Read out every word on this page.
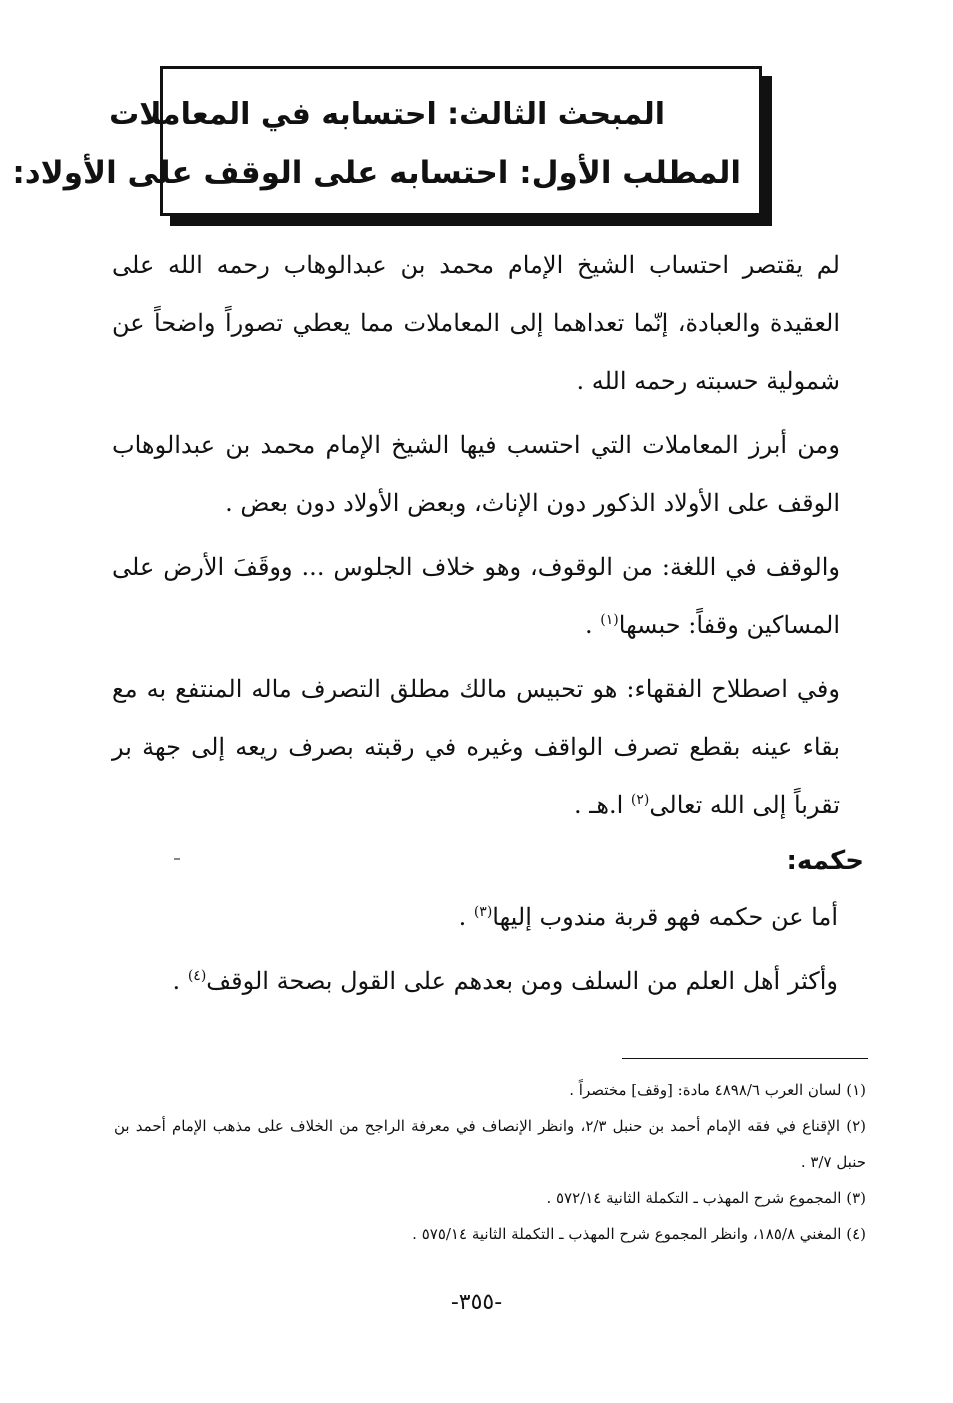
المبحث الثالث: احتسابه في المعاملات
المطلب الأول: احتسابه على الوقف على الأولاد:

لم يقتصر احتساب الشيخ الإمام محمد بن عبدالوهاب رحمه الله على العقيدة والعبادة، إنّما تعداهما إلى المعاملات مما يعطي تصوراً واضحاً عن شمولية حسبته رحمه الله .

ومن أبرز المعاملات التي احتسب فيها الشيخ الإمام محمد بن عبدالوهاب الوقف على الأولاد الذكور دون الإناث، وبعض الأولاد دون بعض .

والوقف في اللغة: من الوقوف، وهو خلاف الجلوس ... ووقَفَ الأرض على المساكين وقفاً: حبسها$^{(١)}$ .

وفي اصطلاح الفقهاء: هو تحبيس مالك مطلق التصرف ماله المنتفع به مع بقاء عينه بقطع تصرف الواقف وغيره في رقبته بصرف ريعه إلى جهة بر تقرباً إلى الله تعالى$^{(٢)}$ ا.هـ .

حكمه:

أما عن حكمه فهو قربة مندوب إليها$^{(٣)}$ .

وأكثر أهل العلم من السلف ومن بعدهم على القول بصحة الوقف$^{(٤)}$ .

(١) لسان العرب ٤٨٩٨/٦ مادة: [وقف] مختصراً .

(٢) الإقناع في فقه الإمام أحمد بن حنبل ٢/٣، وانظر الإنصاف في معرفة الراجح من الخلاف على مذهب الإمام أحمد بن حنبل ٣/٧ .

(٣) المجموع شرح المهذب ـ التكملة الثانية ٥٧٢/١٤ .

(٤) المغني ١٨٥/٨، وانظر المجموع شرح المهذب ـ التكملة الثانية ٥٧٥/١٤ .

-٣٥٥-
